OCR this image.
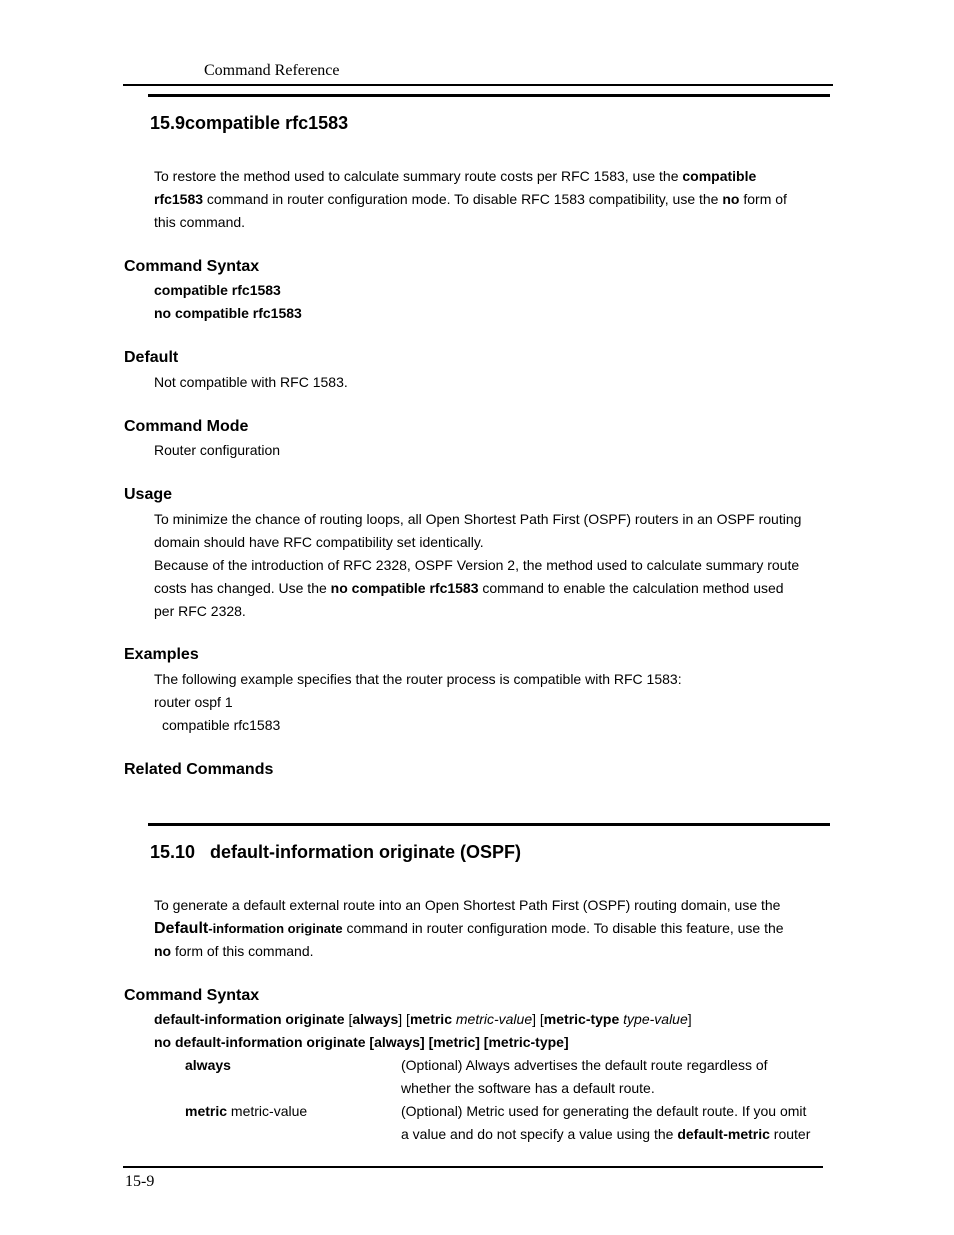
Command Reference
15.9compatible rfc1583
To restore the method used to calculate summary route costs per RFC 1583, use the compatible
rfc1583 command in router configuration mode. To disable RFC 1583 compatibility, use the no form of
this command.
Command Syntax
compatible rfc1583
no compatible rfc1583
Default
Not compatible with RFC 1583.
Command Mode
Router configuration
Usage
To minimize the chance of routing loops, all Open Shortest Path First (OSPF) routers in an OSPF routing
domain should have RFC compatibility set identically.
Because of the introduction of RFC 2328, OSPF Version 2, the method used to calculate summary route
costs has changed. Use the no compatible rfc1583 command to enable the calculation method used
per RFC 2328.
Examples
The following example specifies that the router process is compatible with RFC 1583:
router ospf 1
compatible rfc1583
Related Commands
15.10 default-information originate (OSPF)
To generate a default external route into an Open Shortest Path First (OSPF) routing domain, use the
Default-information originate command in router configuration mode. To disable this feature, use the
no form of this command.
Command Syntax
default-information originate [always] [metric metric-value] [metric-type type-value]
no default-information originate [always] [metric] [metric-type]
always	(Optional) Always advertises the default route regardless of
whether the software has a default route.
metric metric-value	(Optional) Metric used for generating the default route. If you omit
a value and do not specify a value using the default-metric router
15-9
